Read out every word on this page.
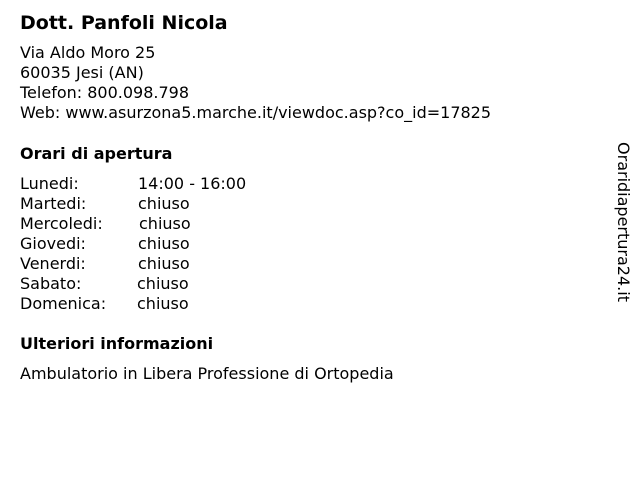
Dott. Panfoli Nicola
Via Aldo Moro 25
60035 Jesi (AN)
Telefon: 800.098.798
Web: www.asurzona5.marche.it/viewdoc.asp?co_id=17825
Orari di apertura
Lunedi:	14:00 - 16:00
Martedi:	chiuso
Mercoledi: chiuso
Giovedi:	chiuso
Venerdi:	chiuso
Sabato:	chiuso
Domenica: chiuso
Ulteriori informazioni
Ambulatorio in Libera Professione di Ortopedia
Oraridiapertura24.it
